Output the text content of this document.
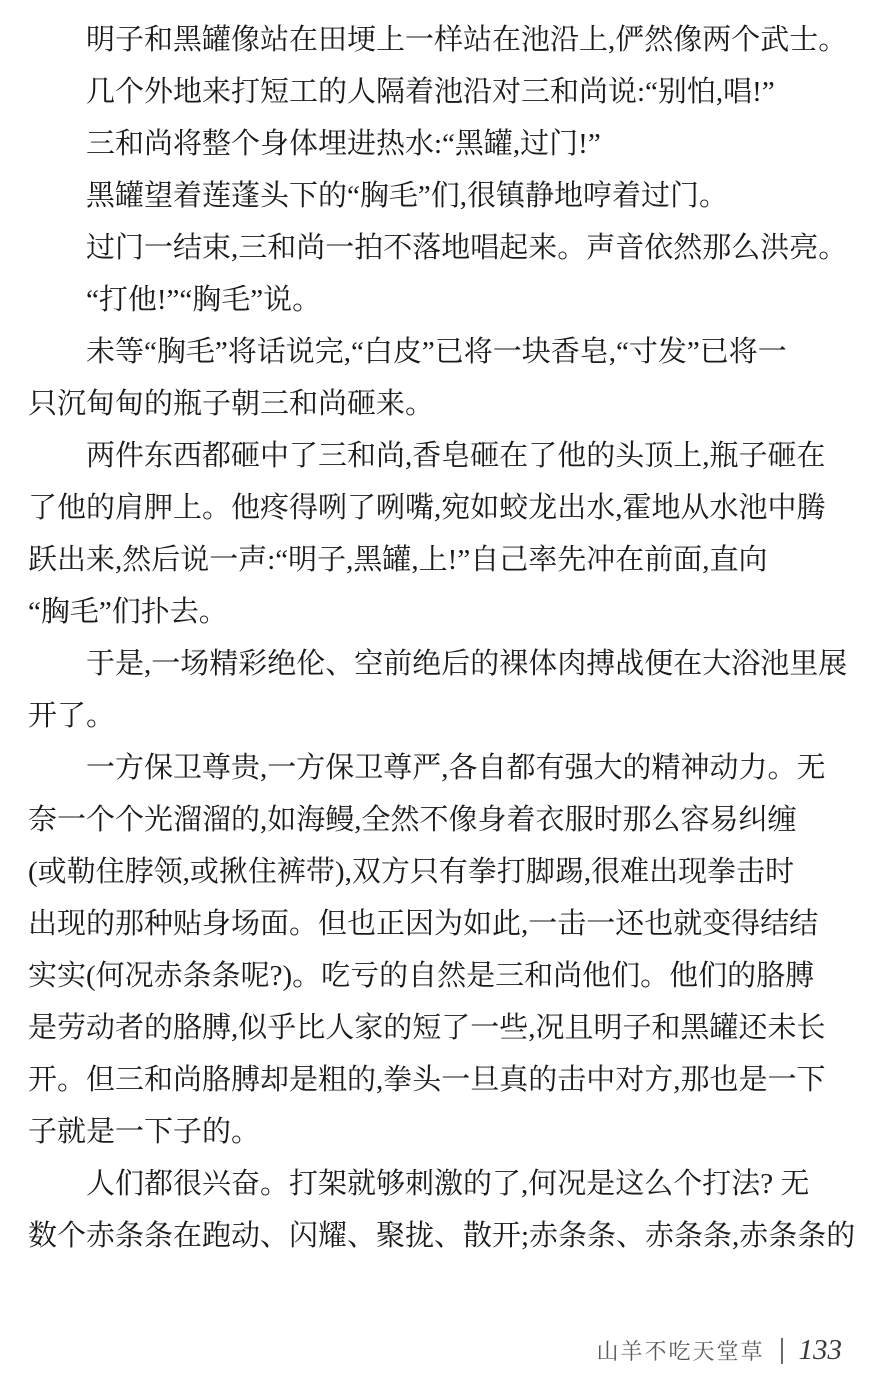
明子和黑罐像站在田埂上一样站在池沿上,俨然像两个武士。
几个外地来打短工的人隔着池沿对三和尚说:“别怕,唱!”
三和尚将整个身体埋进热水:“黑罐,过门!”
黑罐望着莲蓬头下的“胸毛”们,很镇静地哼着过门。
过门一结束,三和尚一拍不落地唱起来。声音依然那么洪亮。
“打他!”“胸毛”说。
未等“胸毛”将话说完,“白皮”已将一块香皂,“寸发”已将一
只沉甸甸的瓶子朝三和尚砸来。
两件东西都砸中了三和尚,香皂砸在了他的头顶上,瓶子砸在
了他的肩胛上。他疼得咧了咧嘴,宛如蛟龙出水,霍地从水池中腾
跃出来,然后说一声:“明子,黑罐,上!”自己率先冲在前面,直向
“胸毛”们扑去。
于是,一场精彩绝伦、空前绝后的裸体肉搏战便在大浴池里展
开了。
一方保卫尊贵,一方保卫尊严,各自都有强大的精神动力。无
奈一个个光溜溜的,如海鳗,全然不像身着衣服时那么容易纠缠
(或勒住脖领,或揪住裤带),双方只有拳打脚踢,很难出现拳击时
出现的那种贴身场面。但也正因为如此,一击一还也就变得结结
实实(何况赤条条呢?)。吃亏的自然是三和尚他们。他们的胳膊
是劳动者的胳膊,似乎比人家的短了一些,况且明子和黑罐还未长
开。但三和尚胳膊却是粗的,拳头一旦真的击中对方,那也是一下
子就是一下子的。
人们都很兴奋。打架就够刺激的了,何况是这么个打法? 无
数个赤条条在跑动、闪耀、聚拢、散开;赤条条、赤条条,赤条条的
山羊不吃天堂草 133
